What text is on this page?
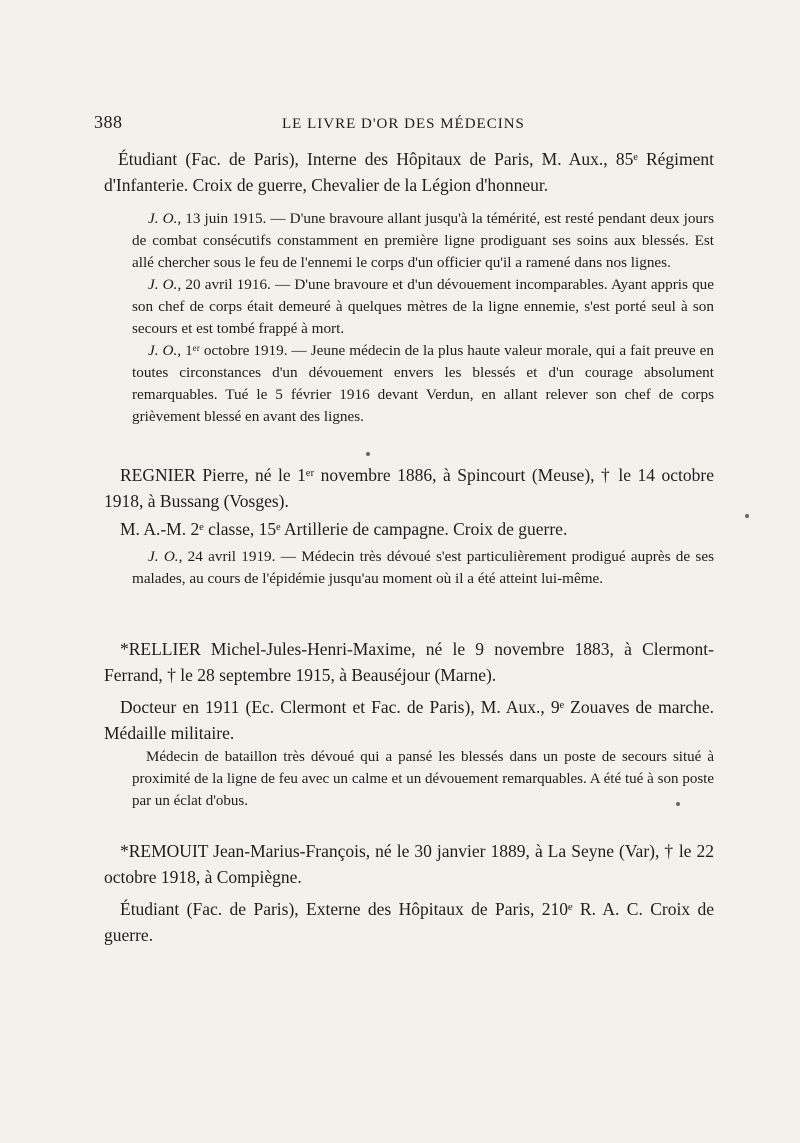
388	LE LIVRE D'OR DES MÉDECINS

Étudiant (Fac. de Paris), Interne des Hôpitaux de Paris, M. Aux., 85ᵉ Régiment d'Infanterie. Croix de guerre, Chevalier de la Légion d'honneur.

J. O., 13 juin 1915. — D'une bravoure allant jusqu'à la témérité, est resté pendant deux jours de combat consécutifs constamment en première ligne prodiguant ses soins aux blessés. Est allé chercher sous le feu de l'ennemi le corps d'un officier qu'il a ramené dans nos lignes.

J. O., 20 avril 1916. — D'une bravoure et d'un dévouement incomparables. Ayant appris que son chef de corps était demeuré à quelques mètres de la ligne ennemie, s'est porté seul à son secours et est tombé frappé à mort.

J. O., 1ᵉʳ octobre 1919. — Jeune médecin de la plus haute valeur morale, qui a fait preuve en toutes circonstances d'un dévouement envers les blessés et d'un courage absolument remarquables. Tué le 5 février 1916 devant Verdun, en allant relever son chef de corps grièvement blessé en avant des lignes.

REGNIER Pierre, né le 1ᵉʳ novembre 1886, à Spincourt (Meuse), † le 14 octobre 1918, à Bussang (Vosges).

M. A.-M. 2ᵉ classe, 15ᵉ Artillerie de campagne. Croix de guerre.

J. O., 24 avril 1919. — Médecin très dévoué s'est particulièrement prodigué auprès de ses malades, au cours de l'épidémie jusqu'au moment où il a été atteint lui-même.

*RELLIER Michel-Jules-Henri-Maxime, né le 9 novembre 1883, à Clermont-Ferrand, † le 28 septembre 1915, à Beauséjour (Marne).

Docteur en 1911 (Ec. Clermont et Fac. de Paris), M. Aux., 9ᵉ Zouaves de marche. Médaille militaire.

Médecin de bataillon très dévoué qui a pansé les blessés dans un poste de secours situé à proximité de la ligne de feu avec un calme et un dévouement remarquables. A été tué à son poste par un éclat d'obus.

*REMOUIT Jean-Marius-François, né le 30 janvier 1889, à La Seyne (Var), † le 22 octobre 1918, à Compiègne.

Étudiant (Fac. de Paris), Externe des Hôpitaux de Paris, 210ᵉ R. A. C. Croix de guerre.
